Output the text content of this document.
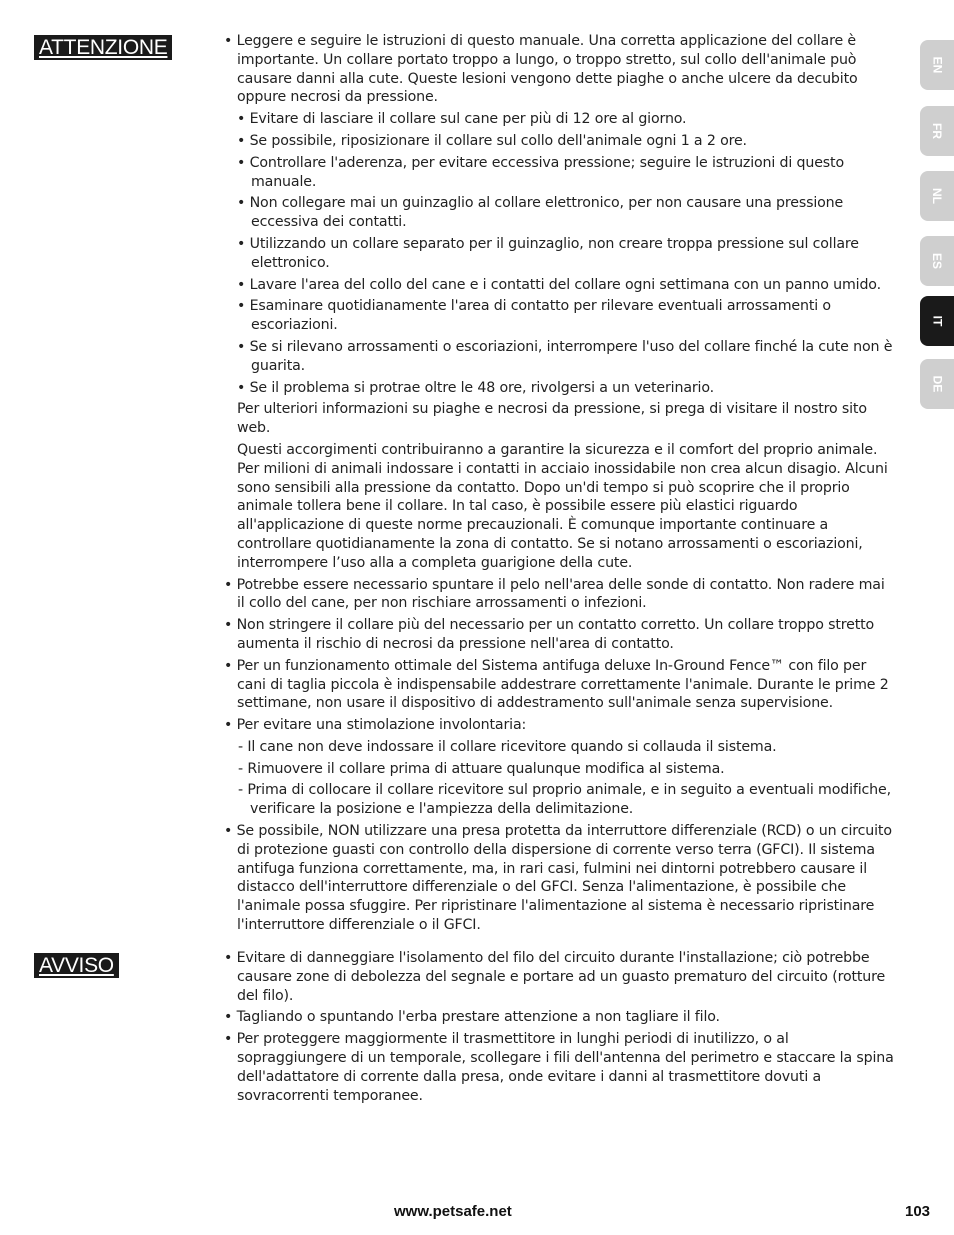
ATTENZIONE
AVVISO

• Leggere e seguire le istruzioni di questo manuale. Una corretta applicazione del collare è importante. Un collare portato troppo a lungo, o troppo stretto, sul collo dell'animale può causare danni alla cute. Queste lesioni vengono dette piaghe o anche ulcere da decubito oppure necrosi da pressione.

• Evitare di lasciare il collare sul cane per più di 12 ore al giorno.

• Se possibile, riposizionare il collare sul collo dell'animale ogni 1 a 2 ore.

• Controllare l'aderenza, per evitare eccessiva pressione; seguire le istruzioni di questo manuale.

• Non collegare mai un guinzaglio al collare elettronico, per non causare una pressione eccessiva dei contatti.

• Utilizzando un collare separato per il guinzaglio, non creare troppa pressione sul collare elettronico.

• Lavare l'area del collo del cane e i contatti del collare ogni settimana con un panno umido.

• Esaminare quotidianamente l'area di contatto per rilevare eventuali arrossamenti o escoriazioni.

• Se si rilevano arrossamenti o escoriazioni, interrompere l'uso del collare finché la cute non è guarita.

• Se il problema si protrae oltre le 48 ore, rivolgersi a un veterinario.

Per ulteriori informazioni su piaghe e necrosi da pressione, si prega di visitare il nostro sito web.

Questi accorgimenti contribuiranno a garantire la sicurezza e il comfort del proprio animale. Per milioni di animali indossare i contatti in acciaio inossidabile non crea alcun disagio. Alcuni sono sensibili alla pressione da contatto. Dopo un'di tempo si può scoprire che il proprio animale tollera bene il collare. In tal caso, è possibile essere più elastici riguardo all'applicazione di queste norme precauzionali. È comunque importante continuare a controllare quotidianamente la zona di contatto. Se si notano arrossamenti o escoriazioni, interrompere l’uso alla a completa guarigione della cute.

• Potrebbe essere necessario spuntare il pelo nell'area delle sonde di contatto. Non radere mai il collo del cane, per non rischiare arrossamenti o infezioni.

• Non stringere il collare più del necessario per un contatto corretto. Un collare troppo stretto aumenta il rischio di necrosi da pressione nell'area di contatto.

• Per un funzionamento ottimale del Sistema antifuga deluxe In-Ground Fence™ con filo per cani di taglia piccola è indispensabile addestrare correttamente l'animale. Durante le prime 2 settimane, non usare il dispositivo di addestramento sull'animale senza supervisione.

• Per evitare una stimolazione involontaria:

- Il cane non deve indossare il collare ricevitore quando si collauda il sistema.

- Rimuovere il collare prima di attuare qualunque modifica al sistema.

- Prima di collocare il collare ricevitore sul proprio animale, e in seguito a eventuali modifiche, verificare la posizione e l'ampiezza della delimitazione.

• Se possibile, NON utilizzare una presa protetta da interruttore differenziale (RCD) o un circuito di protezione guasti con controllo della dispersione di corrente verso terra (GFCI). Il sistema antifuga funziona correttamente, ma, in rari casi, fulmini nei dintorni potrebbero causare il distacco dell'interruttore differenziale o del GFCI. Senza l'alimentazione, è possibile che l'animale possa sfuggire. Per ripristinare l'alimentazione al sistema è necessario ripristinare l'interruttore differenziale o il GFCI.

• Evitare di danneggiare l'isolamento del filo del circuito durante l'installazione; ciò potrebbe causare zone di debolezza del segnale e portare ad un guasto prematuro del circuito (rotture del filo).

• Tagliando o spuntando l'erba prestare attenzione a non tagliare il filo.

• Per proteggere maggiormente il trasmettitore in lunghi periodi di inutilizzo, o al sopraggiungere di un temporale, scollegare i fili dell'antenna del perimetro e staccare la spina dell'adattatore di corrente dalla presa, onde evitare i danni al trasmettitore dovuti a sovracorrenti temporanee.

EN
FR
NL
ES
IT
DE
www.petsafe.net	103
